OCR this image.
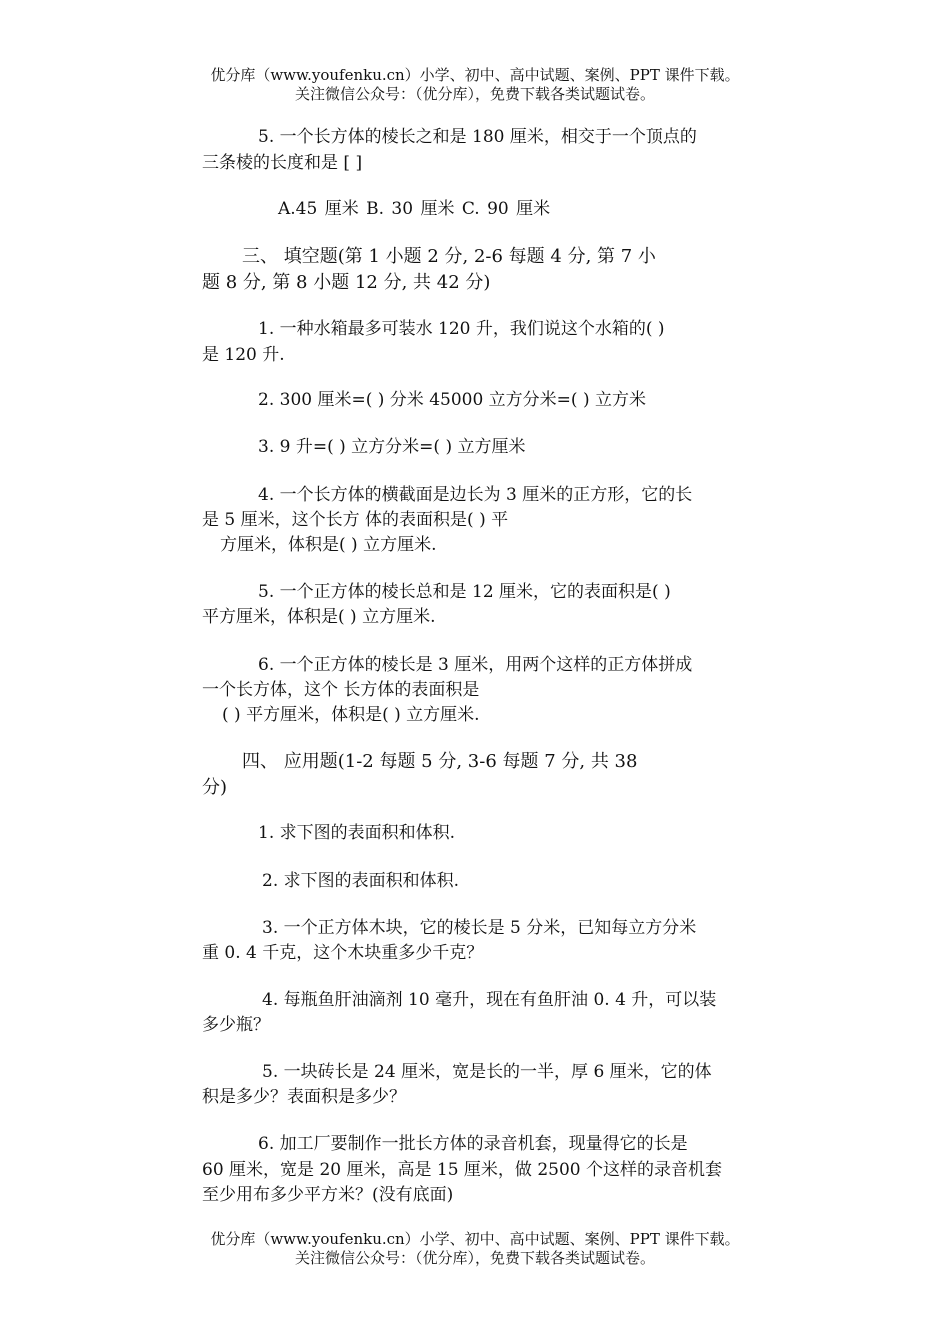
优分库（www.youfenku.cn）小学、初中、高中试题、案例、PPT 课件下载。
关注微信公众号：（优分库），免费下载各类试题试卷。
5. 一个长方体的棱长之和是 180 厘米，相交于一个顶点的
三条棱的长度和是 [ ]
A.45 厘米 B. 30 厘米 C. 90 厘米
三、 填空题(第 1 小题 2 分, 2-6 每题 4 分, 第 7 小
题 8 分, 第 8 小题 12 分, 共 42 分)
1. 一种水箱最多可装水 120 升，我们说这个水箱的( )
是 120 升.
2. 300 厘米=( ) 分米 45000 立方分米=( ) 立方米
3. 9 升=( ) 立方分米=( ) 立方厘米
4. 一个长方体的横截面是边长为 3 厘米的正方形，它的长
是 5 厘米，这个长方 体的表面积是( ) 平
方厘米，体积是( ) 立方厘米.
5. 一个正方体的棱长总和是 12 厘米，它的表面积是( )
平方厘米，体积是( ) 立方厘米.
6. 一个正方体的棱长是 3 厘米，用两个这样的正方体拼成
一个长方体，这个 长方体的表面积是
( ) 平方厘米，体积是( ) 立方厘米.
四、 应用题(1-2 每题 5 分, 3-6 每题 7 分, 共 38
分)
1. 求下图的表面积和体积.
2. 求下图的表面积和体积.
3. 一个正方体木块，它的棱长是 5 分米，已知每立方分米
重 0. 4 千克，这个木块重多少千克？
4. 每瓶鱼肝油滴剂 10 毫升，现在有鱼肝油 0. 4 升，可以装
多少瓶？
5. 一块砖长是 24 厘米，宽是长的一半，厚 6 厘米，它的体
积是多少？表面积是多少？
6. 加工厂要制作一批长方体的录音机套，现量得它的长是
60 厘米，宽是 20 厘米，高是 15 厘米，做 2500 个这样的录音机套
至少用布多少平方米？(没有底面)
优分库（www.youfenku.cn）小学、初中、高中试题、案例、PPT 课件下载。
关注微信公众号：（优分库），免费下载各类试题试卷。
